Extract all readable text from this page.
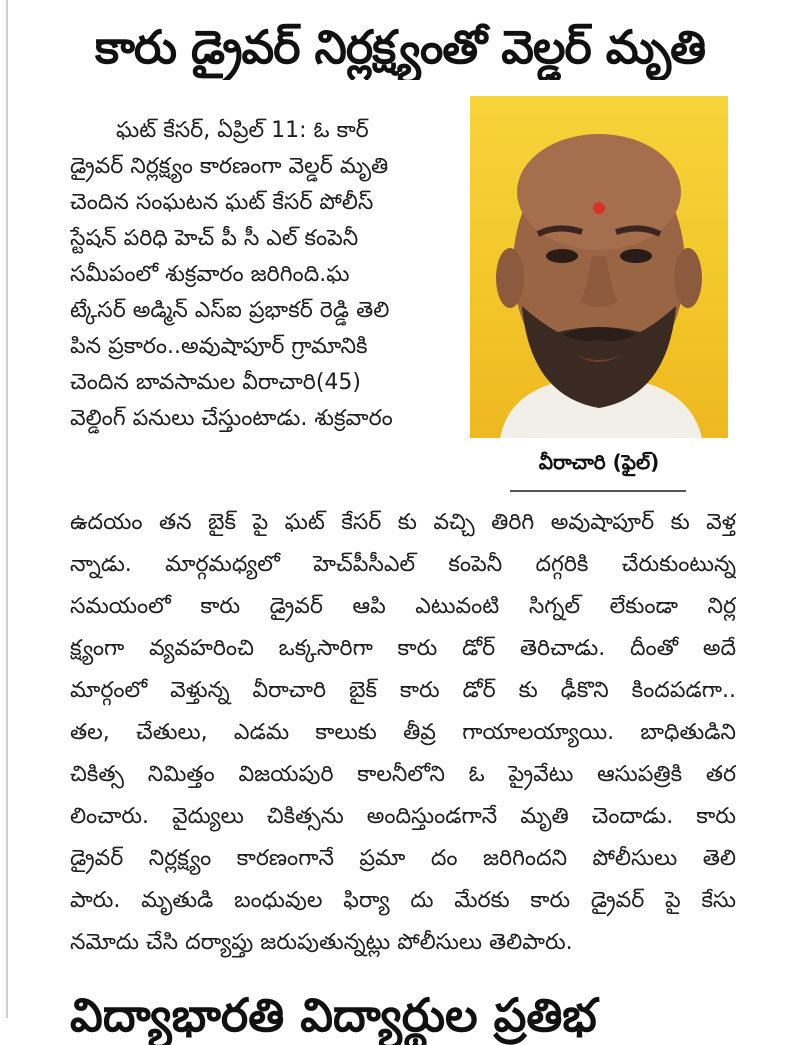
కారు డ్రైవర్ నిర్లక్ష్యంతో వెల్డర్ మృతి
ఘట్ కేసర్, ఏప్రిల్ 11: ఓ కార్
డ్రైవర్ నిర్లక్ష్యం కారణంగా వెల్డర్ మృతి
చెందిన సంఘటన ఘట్ కేసర్ పోలీస్
స్టేషన్ పరిధి హెచ్ పీ సీ ఎల్ కంపెనీ
సమీపంలో శుక్రవారం జరిగింది.ఘ
ట్కేసర్ అడ్మిన్ ఎస్ఐ ప్రభాకర్ రెడ్డి తెలి
పిన ప్రకారం..అవుషాపూర్ గ్రామానికి
చెందిన బావసామల వీరాచారి(45)
వెల్డింగ్ పనులు చేస్తుంటాడు. శుక్రవారం
వీరాచారి (ఫైల్)
ఉదయం తన బైక్ పై ఘట్ కేసర్ కు వచ్చి తిరిగి అవుషాపూర్ కు వెళ్త
న్నాడు. మార్గమధ్యలో హెచ్‌పీసీఎల్ కంపెనీ దగ్గరికి చేరుకుంటున్న
సమయంలో కారు డ్రైవర్ ఆపి ఎటువంటి సిగ్నల్ లేకుండా నిర్ల
క్ష్యంగా వ్యవహరించి ఒక్కసారిగా కారు డోర్ తెరిచాడు. దీంతో అదే
మార్గంలో వెళ్తున్న వీరాచారి బైక్ కారు డోర్ కు ఢీకొని కిందపడగా..
తల, చేతులు, ఎడమ కాలుకు తీవ్ర గాయాలయ్యాయి. బాధితుడిని
చికిత్స నిమిత్తం విజయపురి కాలనీలోని ఓ ప్రైవేటు ఆసుపత్రికి తర
లించారు. వైద్యులు చికిత్సను అందిస్తుండగానే మృతి చెందాడు. కారు
డ్రైవర్ నిర్లక్ష్యం కారణంగానే ప్రమా దం జరిగిందని పోలీసులు తెలి
పారు. మృతుడి బంధువుల ఫిర్యా దు మేరకు కారు డ్రైవర్ పై కేసు
నమోదు చేసి దర్యాప్తు జరుపుతున్నట్లు పోలీసులు తెలిపారు.
విద్యాభారతి విద్యార్థుల ప్రతిభ
